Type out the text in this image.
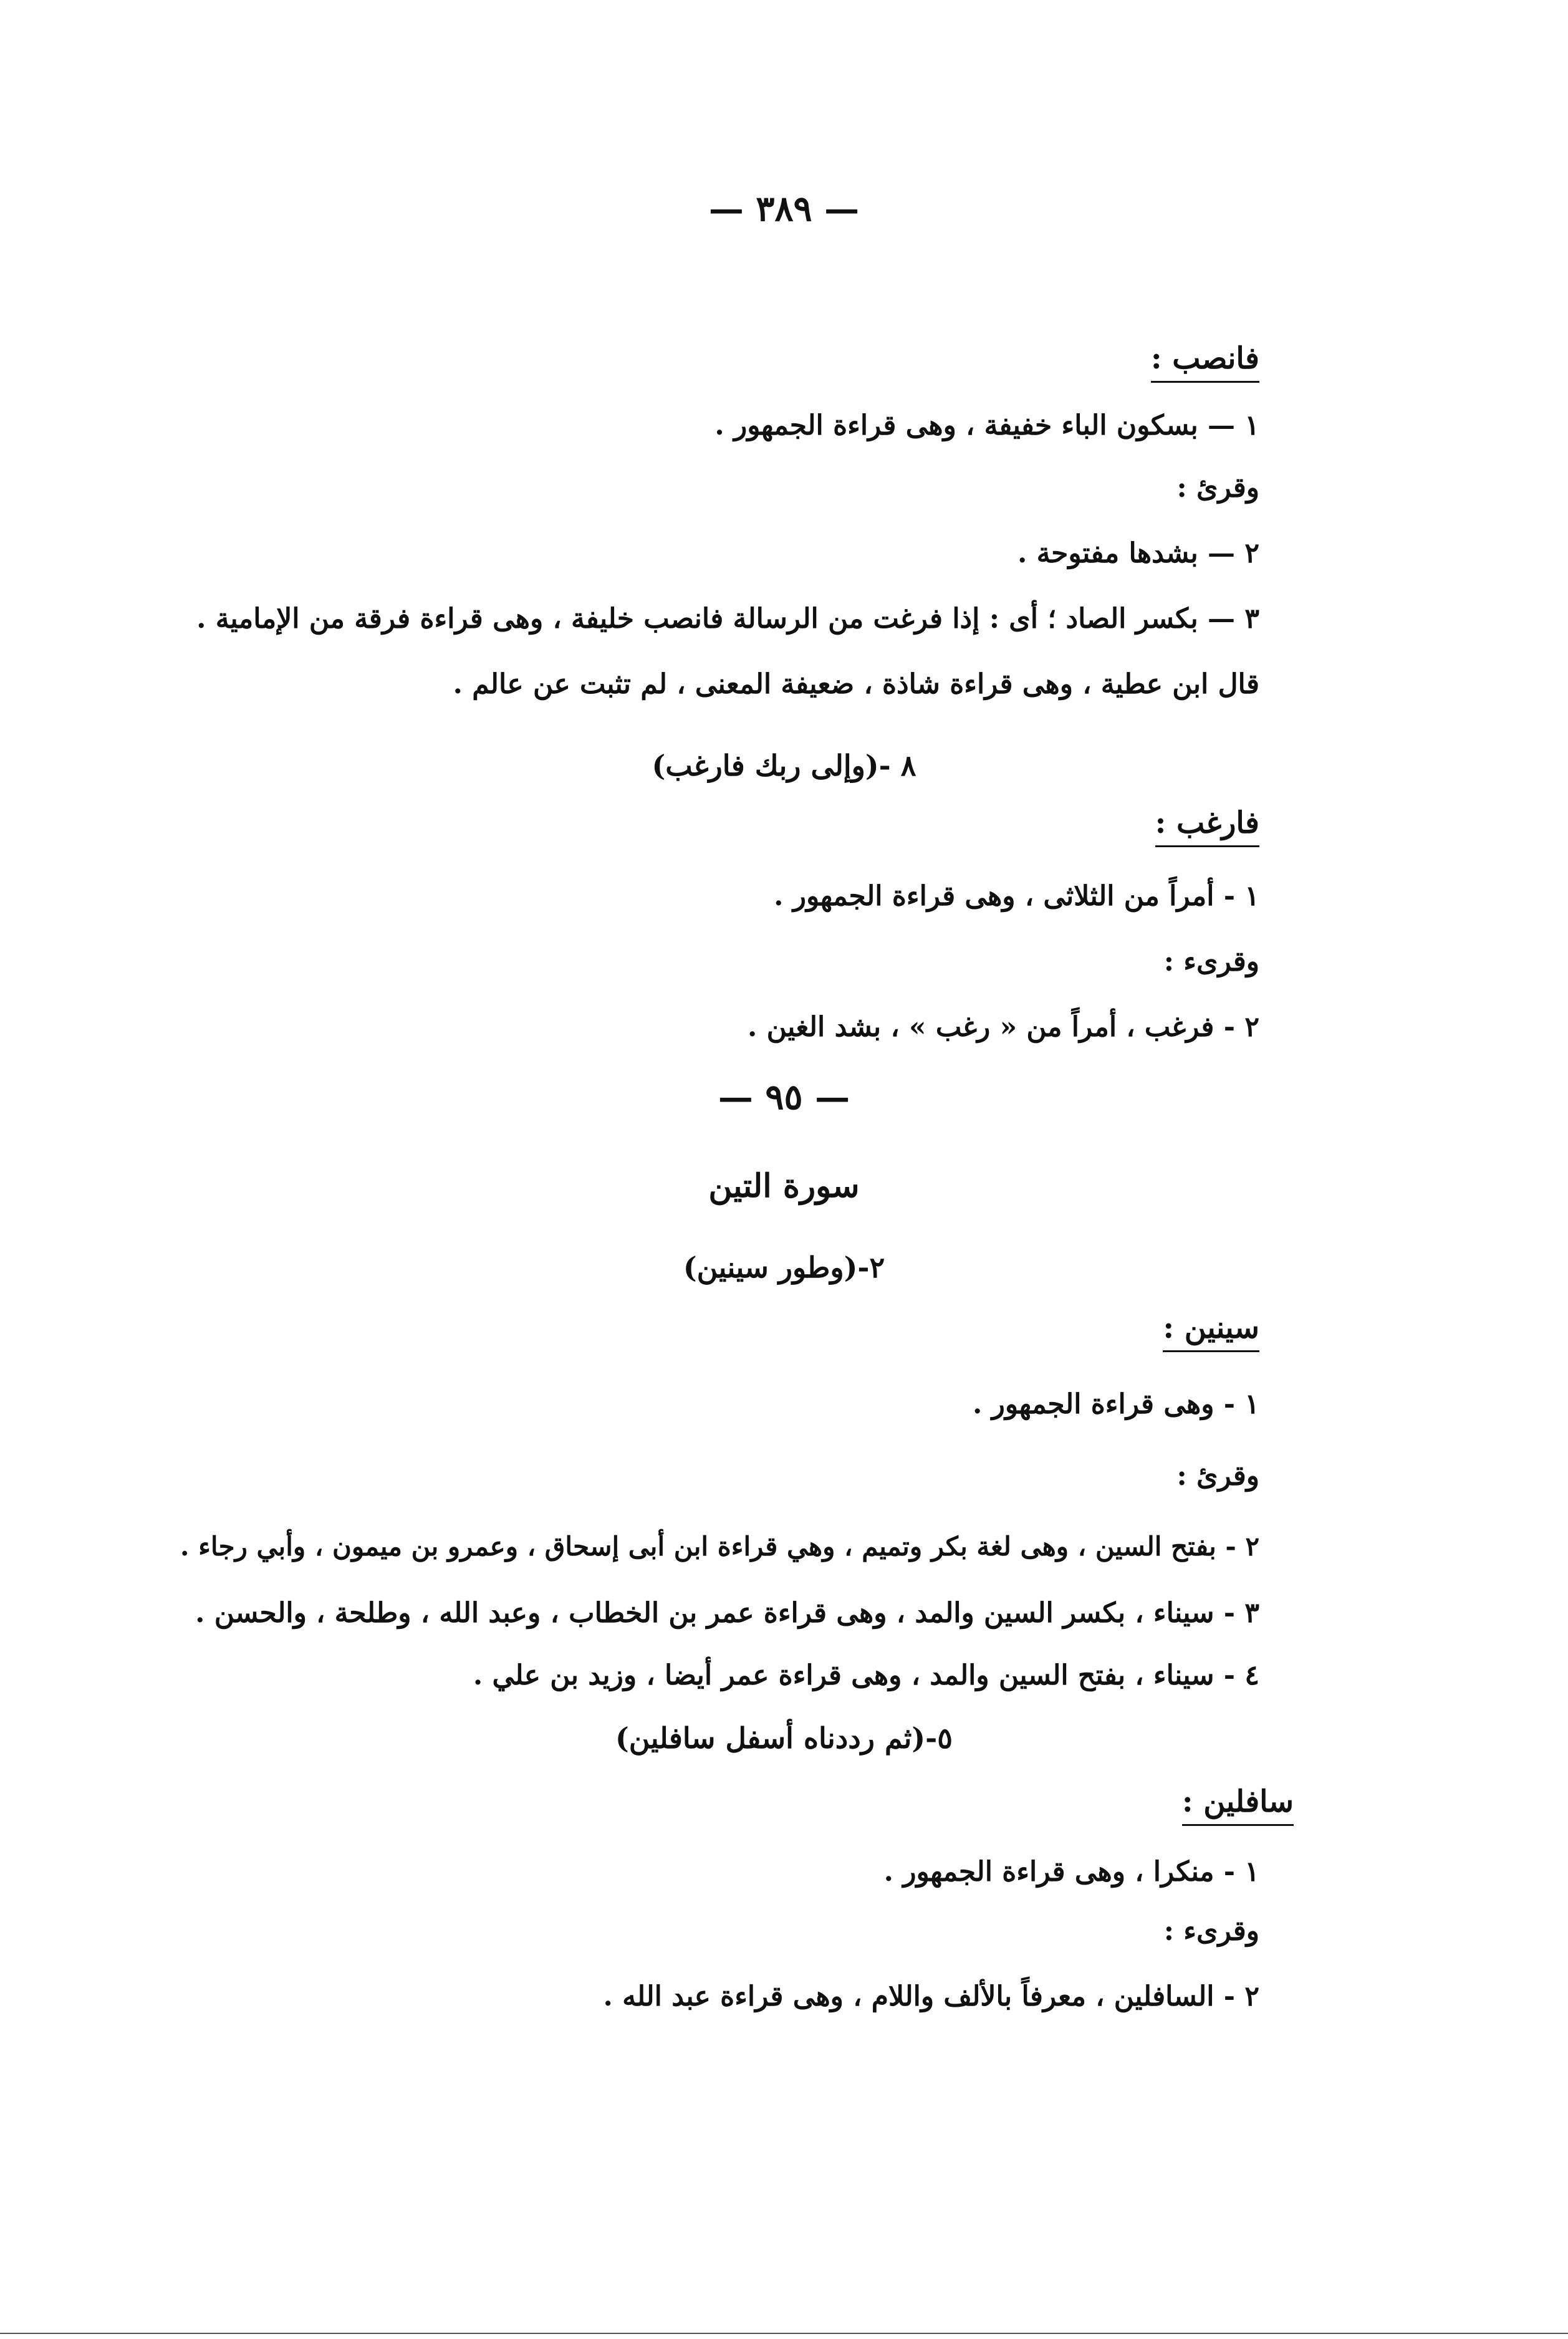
— ٣٨٩ —
فانصب :
١ — بسكون الباء خفيفة ، وهى قراءة الجمهور .
وقرئ :
٢ — بشدها مفتوحة .
٣ — بكسر الصاد ؛ أى : إذا فرغت من الرسالة فانصب خليفة ، وهى قراءة فرقة من الإمامية .
قال ابن عطية ، وهى قراءة شاذة ، ضعيفة المعنى ، لم تثبت عن عالم .
٨ -(وإلى ربك فارغب)
فارغب :
١ - أمراً من الثلاثى ، وهى قراءة الجمهور .
وقرىء :
٢ - فرغب ، أمراً من « رغب » ، بشد الغين .
— ٩٥ —
سورة التين
٢-(وطور سينين)
سينين :
١ - وهى قراءة الجمهور .
وقرئ :
٢ - بفتح السين ، وهى لغة بكر وتميم ، وهي قراءة ابن أبى إسحاق ، وعمرو بن ميمون ، وأبي رجاء .
٣ - سيناء ، بكسر السين والمد ، وهى قراءة عمر بن الخطاب ، وعبد الله ، وطلحة ، والحسن .
٤ - سيناء ، بفتح السين والمد ، وهى قراءة عمر أيضا ، وزيد بن علي .
٥-(ثم رددناه أسفل سافلين)
سافلين :
١ - منكرا ، وهى قراءة الجمهور .
وقرىء :
٢ - السافلين ، معرفاً بالألف واللام ، وهى قراءة عبد الله .
